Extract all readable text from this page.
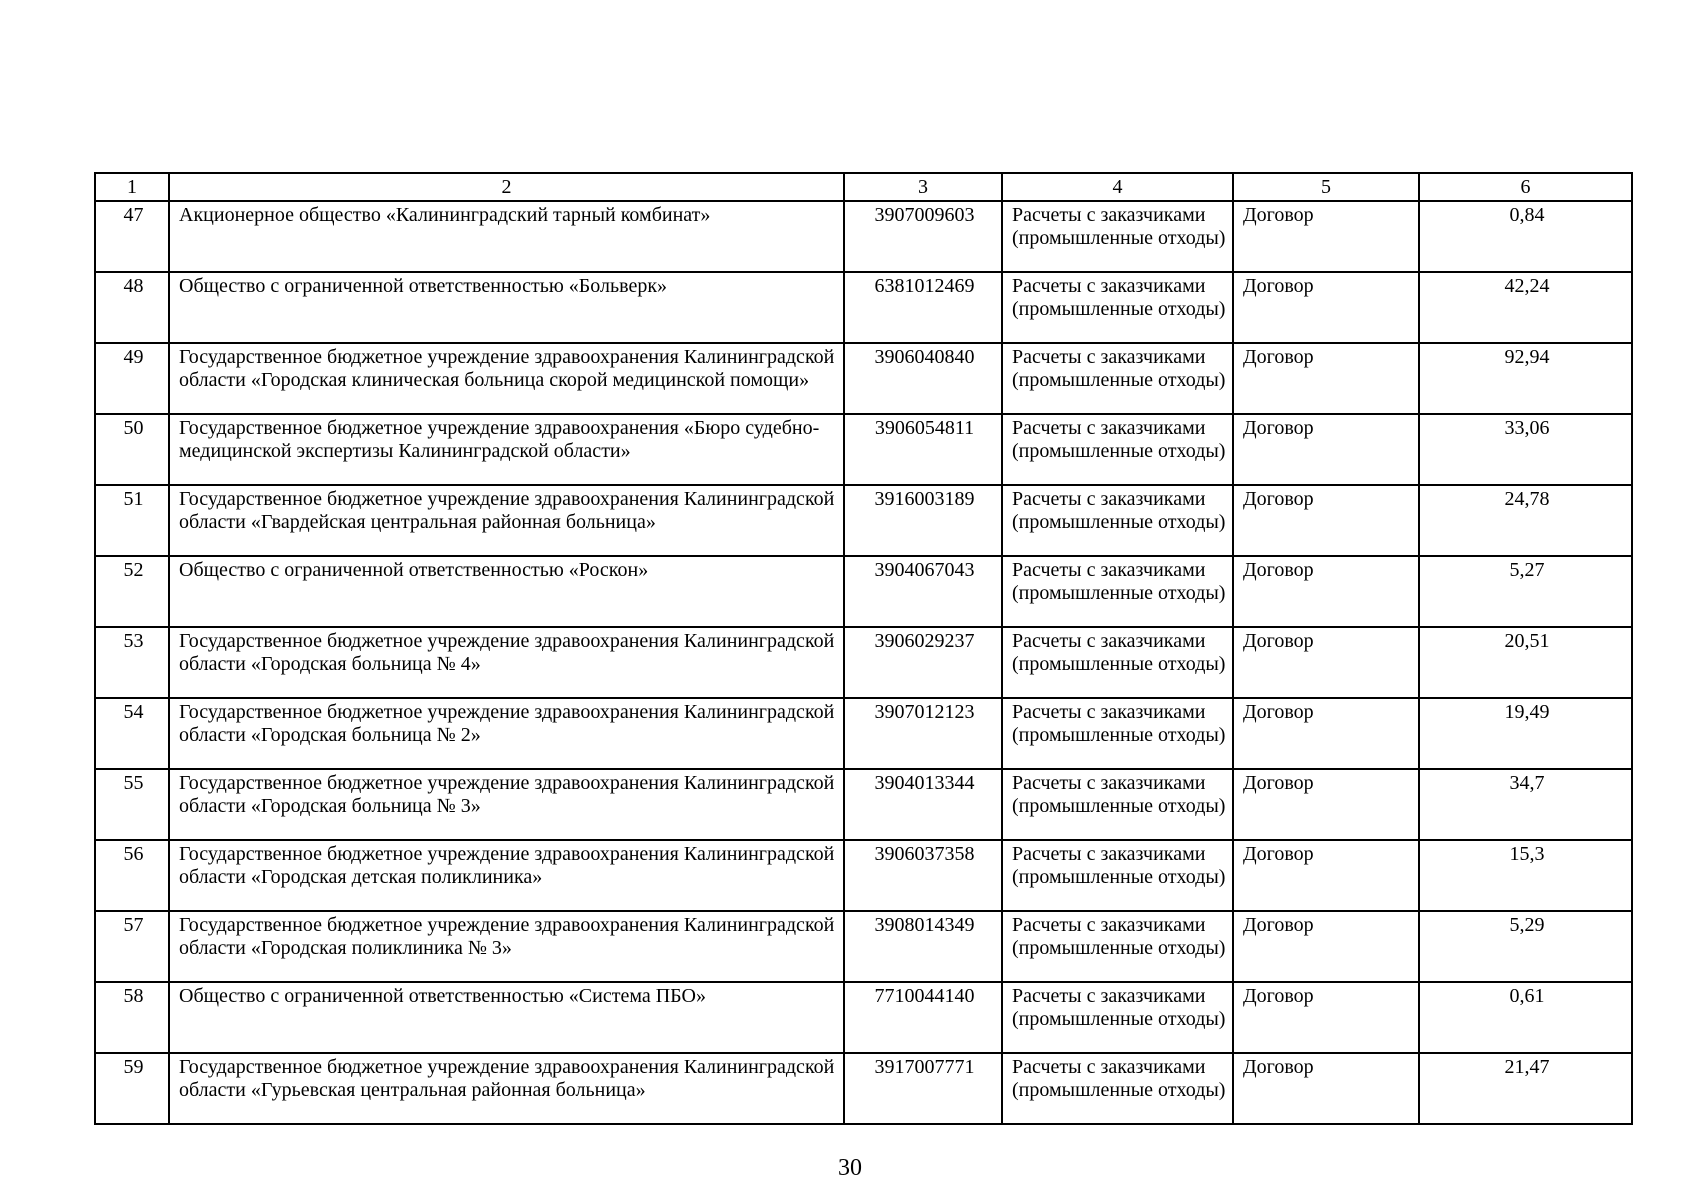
1	2	3	4	5	6
47	Акционерное общество «Калининградский тарный комбинат»	3907009603	Расчеты с заказчиками (промышленные отходы)	Договор	0,84
48	Общество с ограниченной ответственностью «Больверк»	6381012469	Расчеты с заказчиками (промышленные отходы)	Договор	42,24
49	Государственное бюджетное учреждение здравоохранения Калининградской области «Городская клиническая больница скорой медицинской помощи»	3906040840	Расчеты с заказчиками (промышленные отходы)	Договор	92,94
50	Государственное бюджетное учреждение здравоохранения «Бюро судебно-медицинской экспертизы Калининградской области»	3906054811	Расчеты с заказчиками (промышленные отходы)	Договор	33,06
51	Государственное бюджетное учреждение здравоохранения Калининградской области «Гвардейская центральная районная больница»	3916003189	Расчеты с заказчиками (промышленные отходы)	Договор	24,78
52	Общество с ограниченной ответственностью «Роскон»	3904067043	Расчеты с заказчиками (промышленные отходы)	Договор	5,27
53	Государственное бюджетное учреждение здравоохранения Калининградской области «Городская больница № 4»	3906029237	Расчеты с заказчиками (промышленные отходы)	Договор	20,51
54	Государственное бюджетное учреждение здравоохранения Калининградской области «Городская больница № 2»	3907012123	Расчеты с заказчиками (промышленные отходы)	Договор	19,49
55	Государственное бюджетное учреждение здравоохранения Калининградской области «Городская больница № 3»	3904013344	Расчеты с заказчиками (промышленные отходы)	Договор	34,7
56	Государственное бюджетное учреждение здравоохранения Калининградской области «Городская детская поликлиника»	3906037358	Расчеты с заказчиками (промышленные отходы)	Договор	15,3
57	Государственное бюджетное учреждение здравоохранения Калининградской области «Городская поликлиника № 3»	3908014349	Расчеты с заказчиками (промышленные отходы)	Договор	5,29
58	Общество с ограниченной ответственностью «Система ПБО»	7710044140	Расчеты с заказчиками (промышленные отходы)	Договор	0,61
59	Государственное бюджетное учреждение здравоохранения Калининградской области «Гурьевская центральная районная больница»	3917007771	Расчеты с заказчиками (промышленные отходы)	Договор	21,47
30
